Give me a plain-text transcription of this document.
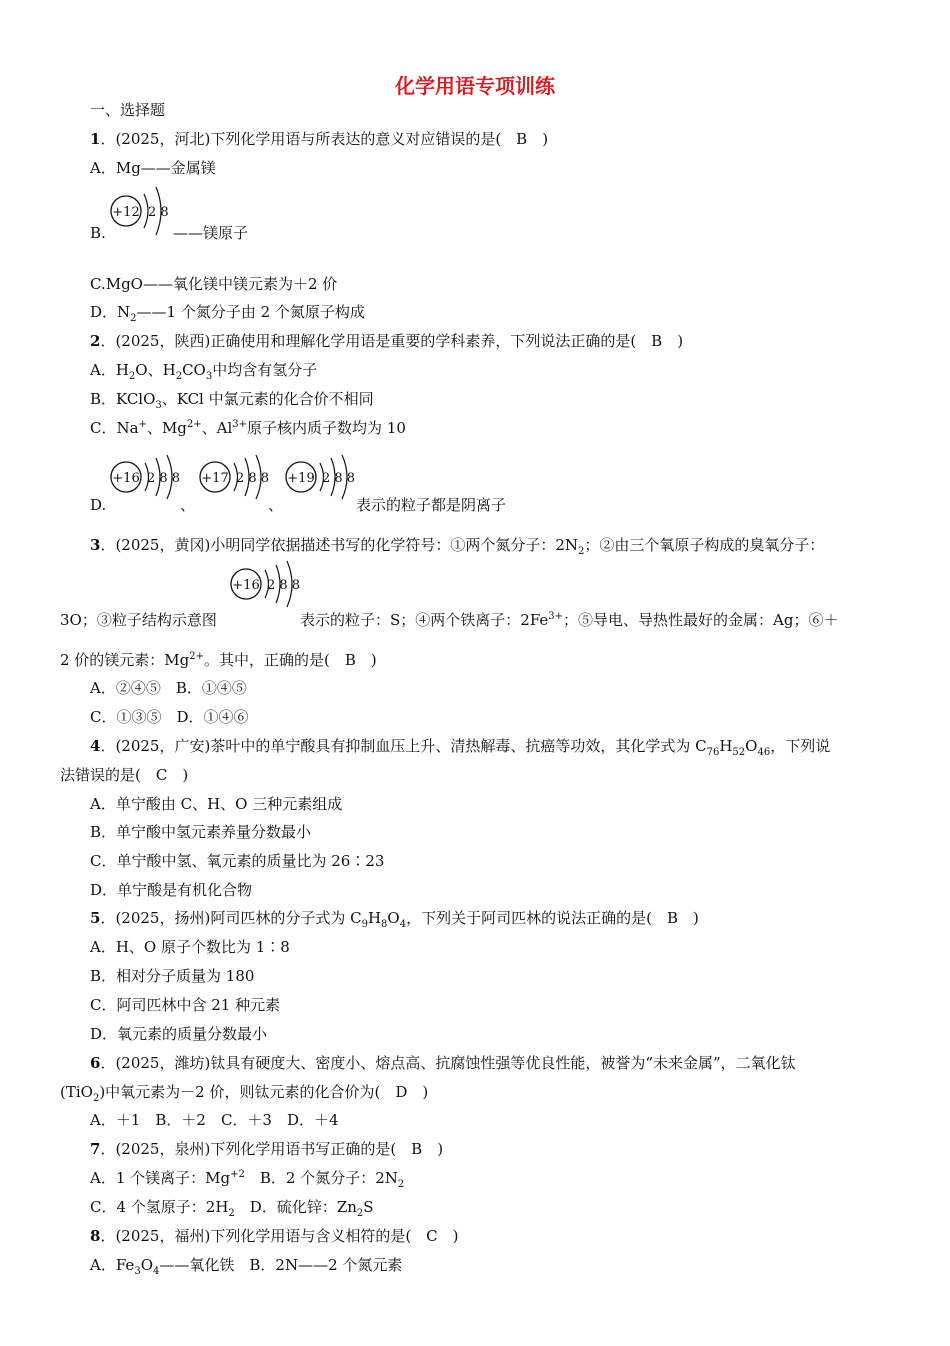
化学用语专项训练
一、选择题
1．(2025，河北)下列化学用语与所表达的意义对应错误的是(　B　)
A．Mg——金属镁
+12 2 8
B.	——镁原子
C.MgO——氧化镁中镁元素为＋2 价
D．$N_2——1$ 个氮分子由 2 个氮原子构成
2．(2025，陕西)正确使用和理解化学用语是重要的学科素养，下列说法正确的是(　B　)
A．$H_2O$、$H_2CO_3$中均含有氢分子
B．KClO$_3$、KCl 中氯元素的化合价不相同
C．Na+、$Mg^{2+}$、$Al^{3+}$原子核内质子数均为 10
+16 2 8 8 +17 2 8 8 +19 2 8 8
D.	、	、	表示的粒子都是阴离子
3．(2025，黄冈)小明同学依据描述书写的化学符号：①两个氮分子：$2N_2$；②由三个氧原子构成的臭氧分子：
+16 2 8 8
3O；③粒子结构示意图	表示的粒子：S；④两个铁离子：$2Fe^{3+}$；⑤导电、导热性最好的金属：Ag；⑥＋
2 价的镁元素：$Mg^{2+}$。其中，正确的是(　B　)
A．②④⑤　B．①④⑤
C．①③⑤　D．①④⑥
4．(2025，广安)茶叶中的单宁酸具有抑制血压上升、清热解毒、抗癌等功效，其化学式为 $C_{76}H_{52}O_{46}$，下列说
法错误的是(　C　)
A．单宁酸由 C、H、O 三种元素组成
B．单宁酸中氢元素养量分数最小
C．单宁酸中氢、氧元素的质量比为 26∶23
D．单宁酸是有机化合物
5．(2025，扬州)阿司匹林的分子式为 $C_9H_8O_4$，下列关于阿司匹林的说法正确的是(　B　)
A．H、O 原子个数比为 1∶8
B．相对分子质量为 180
C．阿司匹林中含 21 种元素
D．氧元素的质量分数最小
6．(2025，潍坊)钛具有硬度大、密度小、熔点高、抗腐蚀性强等优良性能，被誉为“未来金属”，二氧化钛
(TiO$_2$)中氧元素为－2 价，则钛元素的化合价为(　D　)
A．＋1　B．＋2　C．＋3　D．＋4
7．(2025，泉州)下列化学用语书写正确的是(　B　)
A．1 个镁离子：$Mg^{+2}$　B．2 个氮分子：$2N_2$
C．4 个氢原子：$2H_2$　D．硫化锌：$Zn_2S$
8．(2025，福州)下列化学用语与含义相符的是(　C　)
A．$Fe_3O_4——$氧化铁　B．2N——2 个氮元素
